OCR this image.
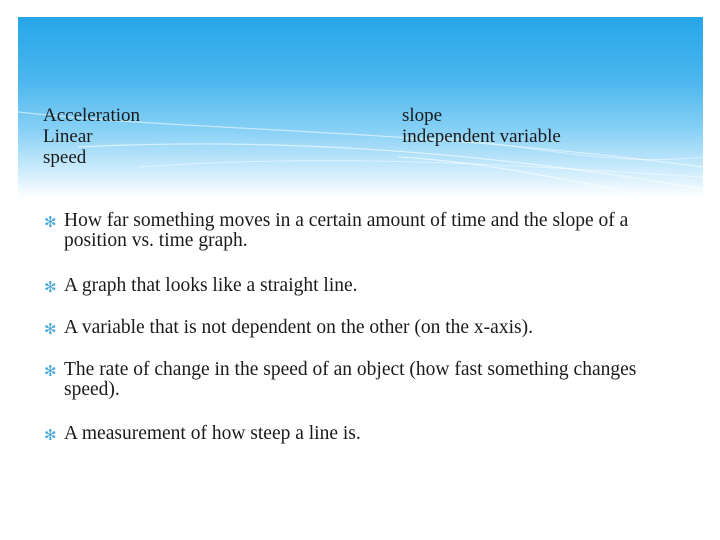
Acceleration
Linear
speed
slope
independent variable
✻ How far something moves in a certain amount of time and the slope of a position vs. time graph.
✻ A graph that looks like a straight line.
✻ A variable that is not dependent on the other (on the x-axis).
✻ The rate of change in the speed of an object (how fast something changes speed).
✻ A measurement of how steep a line is.
